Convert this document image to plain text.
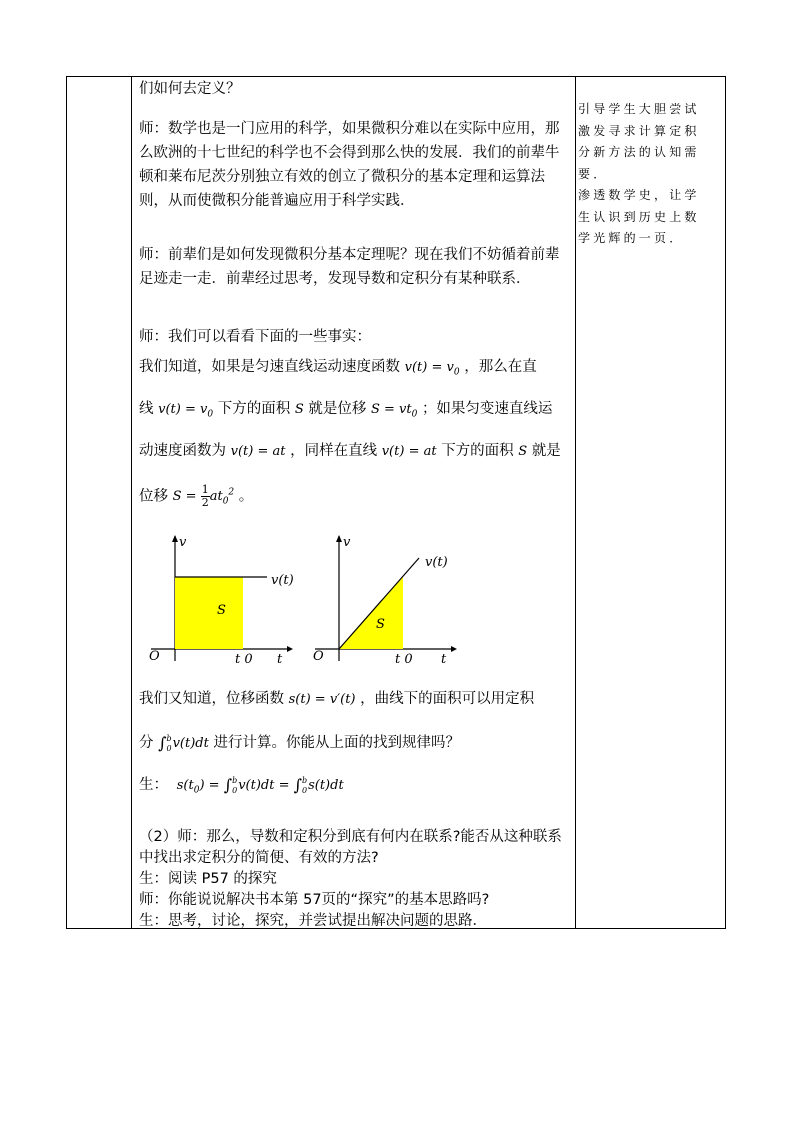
们如何去定义？
师：数学也是一门应用的科学，如果微积分难以在实际中应用，那么欧洲的十七世纪的科学也不会得到那么快的发展．我们的前辈牛顿和莱布尼茨分别独立有效的创立了微积分的基本定理和运算法则，从而使微积分能普遍应用于科学实践．
师：前辈们是如何发现微积分基本定理呢？现在我们不妨循着前辈足迹走一走．前辈经过思考，发现导数和定积分有某种联系．
师：我们可以看看下面的一些事实：
我们知道，如果是匀速直线运动速度函数 $v(t) = v_0$ ，那么在直
线 $v(t) = v_0$ 下方的面积 S 就是位移 $S = vt_0$ ；如果匀变速直线运
动速度函数为 v(t) = at ，同样在直线 v(t) = at 下方的面积 S 就是
位移 $S = \frac{1}{2} at_0^2$ 。
v(t)
S
t 0
O
v
t
v(t)
S
t 0
O
v
t
我们又知道，位移函数 s(t) = v′(t) ，曲线下的面积可以用定积
分 ∫ b
0 v(t)dt 进行计算。你能从上面的找到规律吗？
生：  $s(t_0)$ = ∫ b
0 v(t)dt = ∫ b
0 s(t)dt
（2）师：那么，导数和定积分到底有何内在联系?能否从这种联系中找出求定积分的简便、有效的方法?
生：阅读 P57 的探究
师：你能说说解决书本第 57页的“探究”的基本思路吗?
生：思考，讨论，探究，并尝试提出解决问题的思路．
引导学生大胆尝试激发寻求计算定积分新方法的认知需要．
渗透数学史，让学生认识到历史上数学光辉的一页．
